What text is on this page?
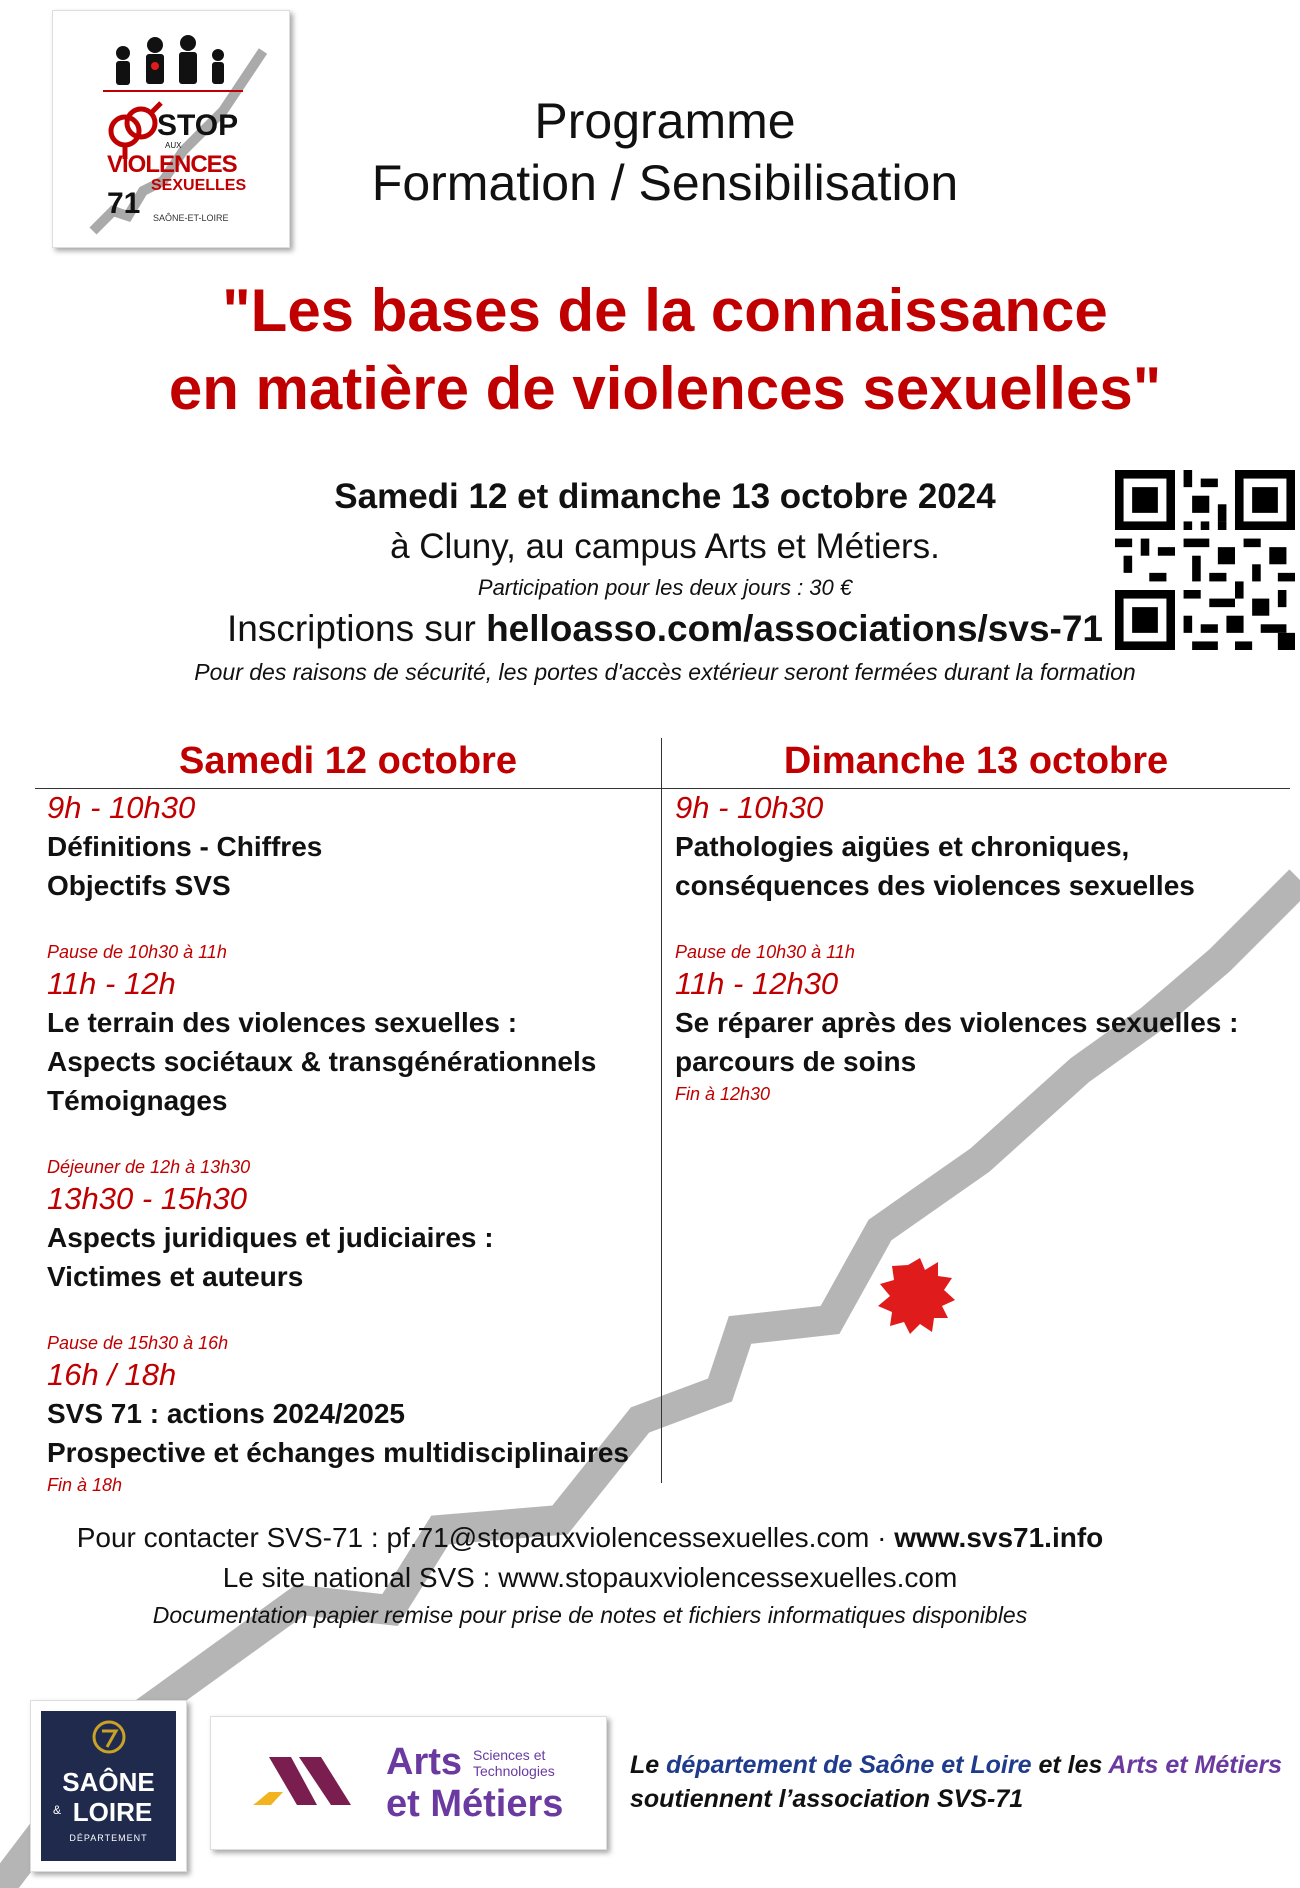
STOP
AUX
VIOLENCES
SEXUELLES
71 SAÔNE-ET-LOIRE
Programme
Formation / Sensibilisation
"Les bases de la connaissance
en matière de violences sexuelles"
Samedi 12 et dimanche 13 octobre 2024
à Cluny, au campus Arts et Métiers.
Participation pour les deux jours : 30 €
Inscriptions sur helloasso.com/associations/svs-71
Pour des raisons de sécurité, les portes d'accès extérieur seront fermées durant la formation
Samedi 12 octobre	Dimanche 13 octobre
9h - 10h30
Définitions - Chiffres
Objectifs SVS
Pause de 10h30 à 11h
11h - 12h
Le terrain des violences sexuelles :
Aspects sociétaux & transgénérationnels
Témoignages
Déjeuner de 12h à 13h30
13h30 - 15h30
Aspects juridiques et judiciaires :
Victimes et auteurs
Pause de 15h30 à 16h
16h / 18h
SVS 71 : actions 2024/2025
Prospective et échanges multidisciplinaires
Fin à 18h
9h - 10h30
Pathologies aigües et chroniques,
conséquences des violences sexuelles
Pause de 10h30 à 11h
11h - 12h30
Se réparer après des violences sexuelles :
parcours de soins
Fin à 12h30
Pour contacter SVS-71 : pf.71@stopauxviolencessexuelles.com · www.svs71.info
Le site national SVS : www.stopauxviolencessexuelles.com
Documentation papier remise pour prise de notes et fichiers informatiques disponibles
SAÔNE
& LOIRE
DÉPARTEMENT
Arts Sciences et
Technologies
et Métiers
Le département de Saône et Loire et les Arts et Métiers
soutiennent l’association SVS-71
